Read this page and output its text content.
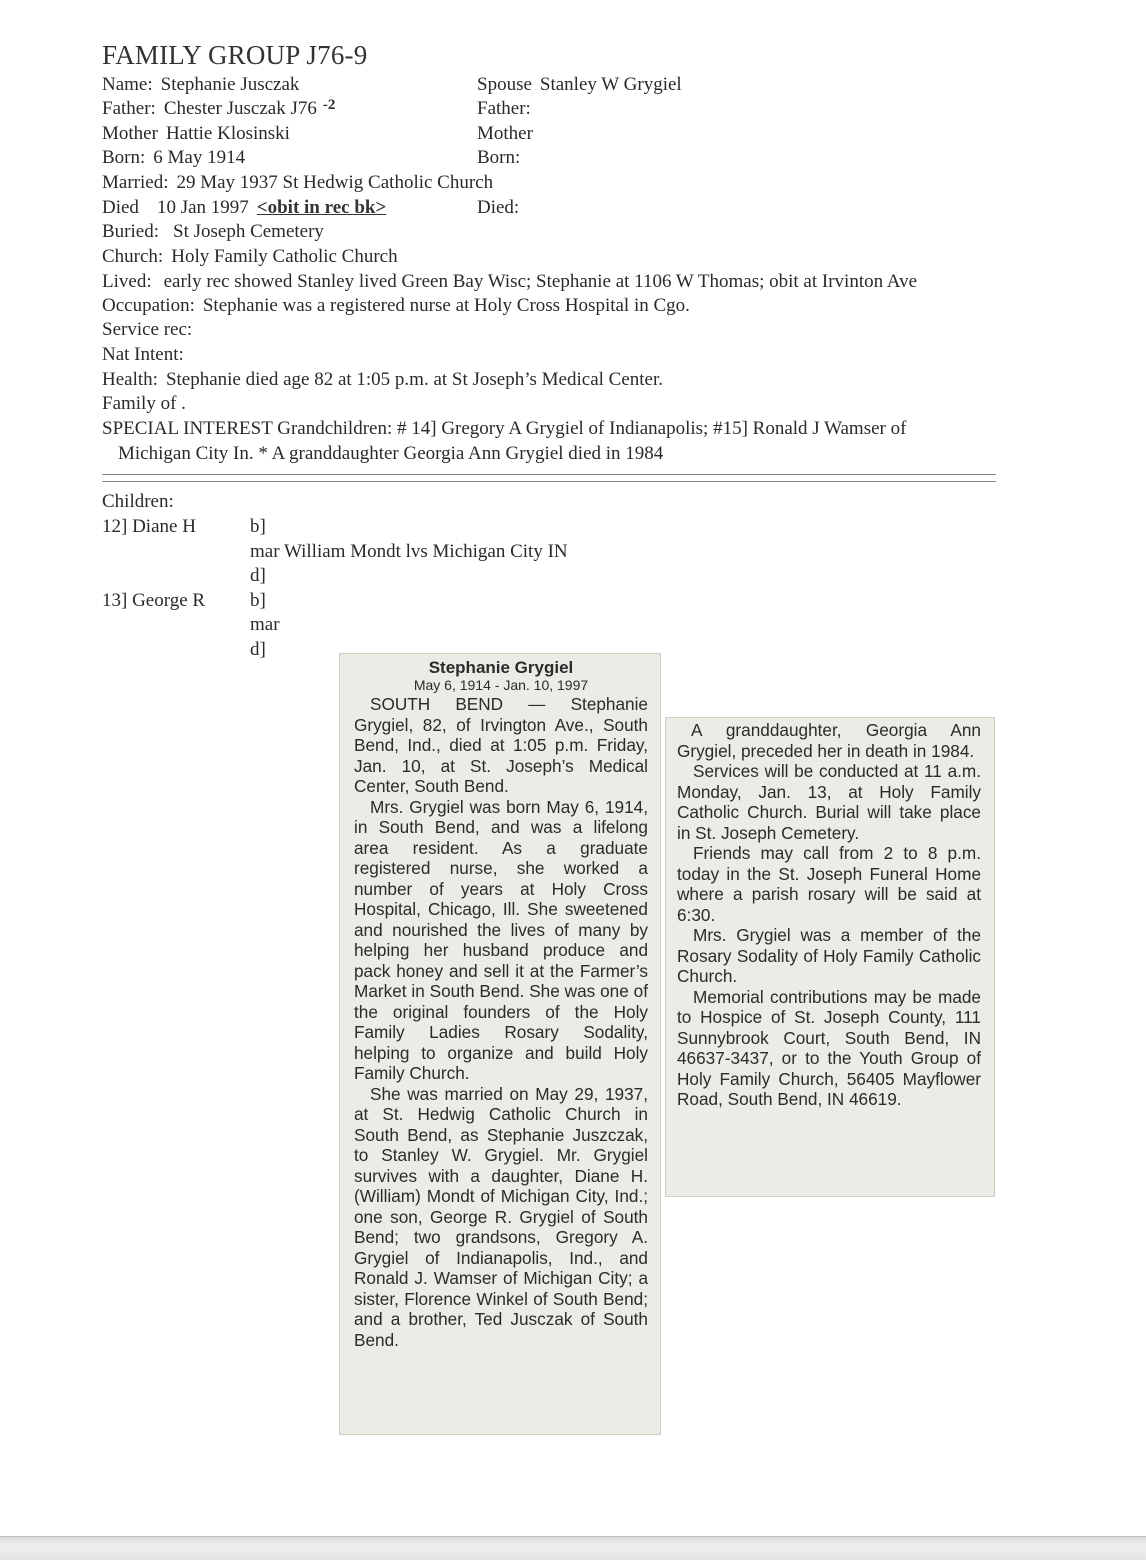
FAMILY GROUP J76-9
Name: Stephanie Jusczak
Father: Chester Jusczak J76 $^{-2}$
Mother Hattie Klosinski
Born: 6 May 1914
Married: 29 May 1937 St Hedwig Catholic Church
Died 10 Jan 1997 <obit in rec bk>
Buried: St Joseph Cemetery
Church: Holy Family Catholic Church
Lived: early rec showed Stanley lived Green Bay Wisc; Stephanie at 1106 W Thomas; obit at Irvinton Ave
Occupation: Stephanie was a registered nurse at Holy Cross Hospital in Cgo.
Service rec:
Nat Intent:
Health: Stephanie died age 82 at 1:05 p.m. at St Joseph’s Medical Center.
Family of .
SPECIAL INTEREST Grandchildren: # 14] Gregory A Grygiel of Indianapolis; #15] Ronald J Wamser of
Michigan City In. * A granddaughter Georgia Ann Grygiel died in 1984
Spouse Stanley W Grygiel
Father:
Mother
Born:
Died:
Children:
12] Diane H	b]
mar William Mondt lvs Michigan City IN
d]
13] George R b]
mar
d]
Stephanie Grygiel
May 6, 1914 - Jan. 10, 1997

SOUTH BEND — Stephanie Grygiel, 82, of Irvington Ave., South Bend, Ind., died at 1:05 p.m. Friday, Jan. 10, at St. Joseph’s Medical Center, South Bend.

Mrs. Grygiel was born May 6, 1914, in South Bend, and was a lifelong area resident. As a graduate registered nurse, she worked a number of years at Holy Cross Hospital, Chicago, Ill. She sweetened and nourished the lives of many by helping her husband produce and pack honey and sell it at the Farmer’s Market in South Bend. She was one of the original founders of the Holy Family Ladies Rosary Sodality, helping to organize and build Holy Family Church.

She was married on May 29, 1937, at St. Hedwig Catholic Church in South Bend, as Stephanie Juszczak, to Stanley W. Grygiel. Mr. Grygiel survives with a daughter, Diane H. (William) Mondt of Michigan City, Ind.; one son, George R. Grygiel of South Bend; two grandsons, Gregory A. Grygiel of Indianapolis, Ind., and Ronald J. Wamser of Michigan City; a sister, Florence Winkel of South Bend; and a brother, Ted Jusczak of South Bend.

A granddaughter, Georgia Ann Grygiel, preceded her in death in 1984.

Services will be conducted at 11 a.m. Monday, Jan. 13, at Holy Family Catholic Church. Burial will take place in St. Joseph Cemetery.

Friends may call from 2 to 8 p.m. today in the St. Joseph Funeral Home where a parish rosary will be said at 6:30.

Mrs. Grygiel was a member of the Rosary Sodality of Holy Family Catholic Church.

Memorial contributions may be made to Hospice of St. Joseph County, 111 Sunnybrook Court, South Bend, IN 46637-3437, or to the Youth Group of Holy Family Church, 56405 Mayflower Road, South Bend, IN 46619.
